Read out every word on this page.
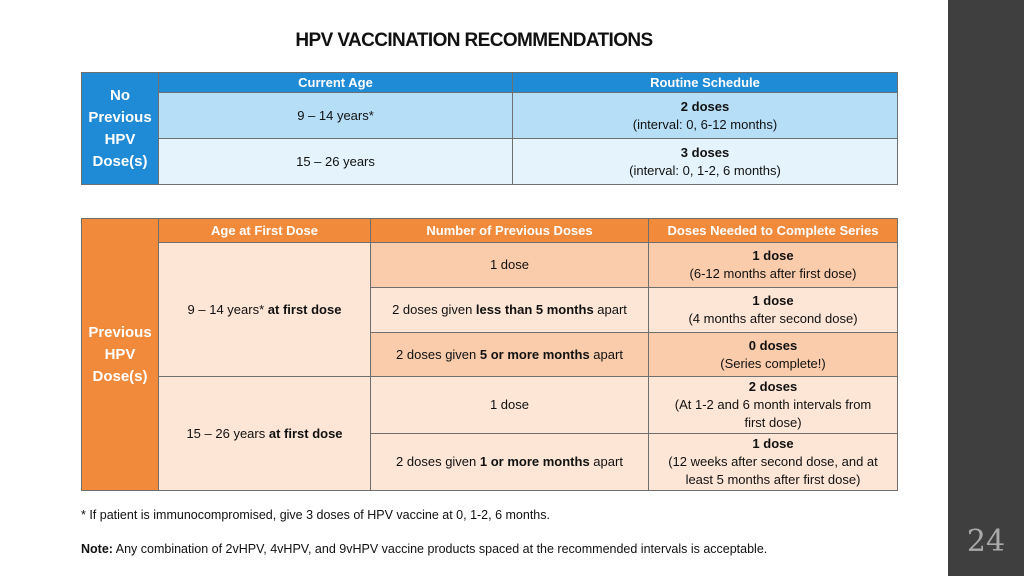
HPV VACCINATION RECOMMENDATIONS
No
Previous
HPV
Dose(s)	Current Age	Routine Schedule
	9 – 14 years*	2 doses
(interval: 0, 6-12 months)

	15 – 26 years	3 doses
(interval: 0, 1-2, 6 months)
Previous
HPV
Dose(s)	Age at First Dose	Number of Previous Doses	Doses Needed to Complete Series
	9 – 14 years* at first dose	1 dose	1 dose
(6-12 months after first dose)

		2 doses given less than 5 months apart	1 dose
(4 months after second dose)

		2 doses given 5 or more months apart	0 doses
(Series complete!)

	15 – 26 years at first dose	1 dose	2 doses
(At 1-2 and 6 month intervals from
first dose)

		2 doses given 1 or more months apart	1 dose
(12 weeks after second dose, and at
least 5 months after first dose)
* If patient is immunocompromised, give 3 doses of HPV vaccine at 0, 1-2, 6 months.
Note: Any combination of 2vHPV, 4vHPV, and 9vHPV vaccine products spaced at the recommended intervals is acceptable.	24
